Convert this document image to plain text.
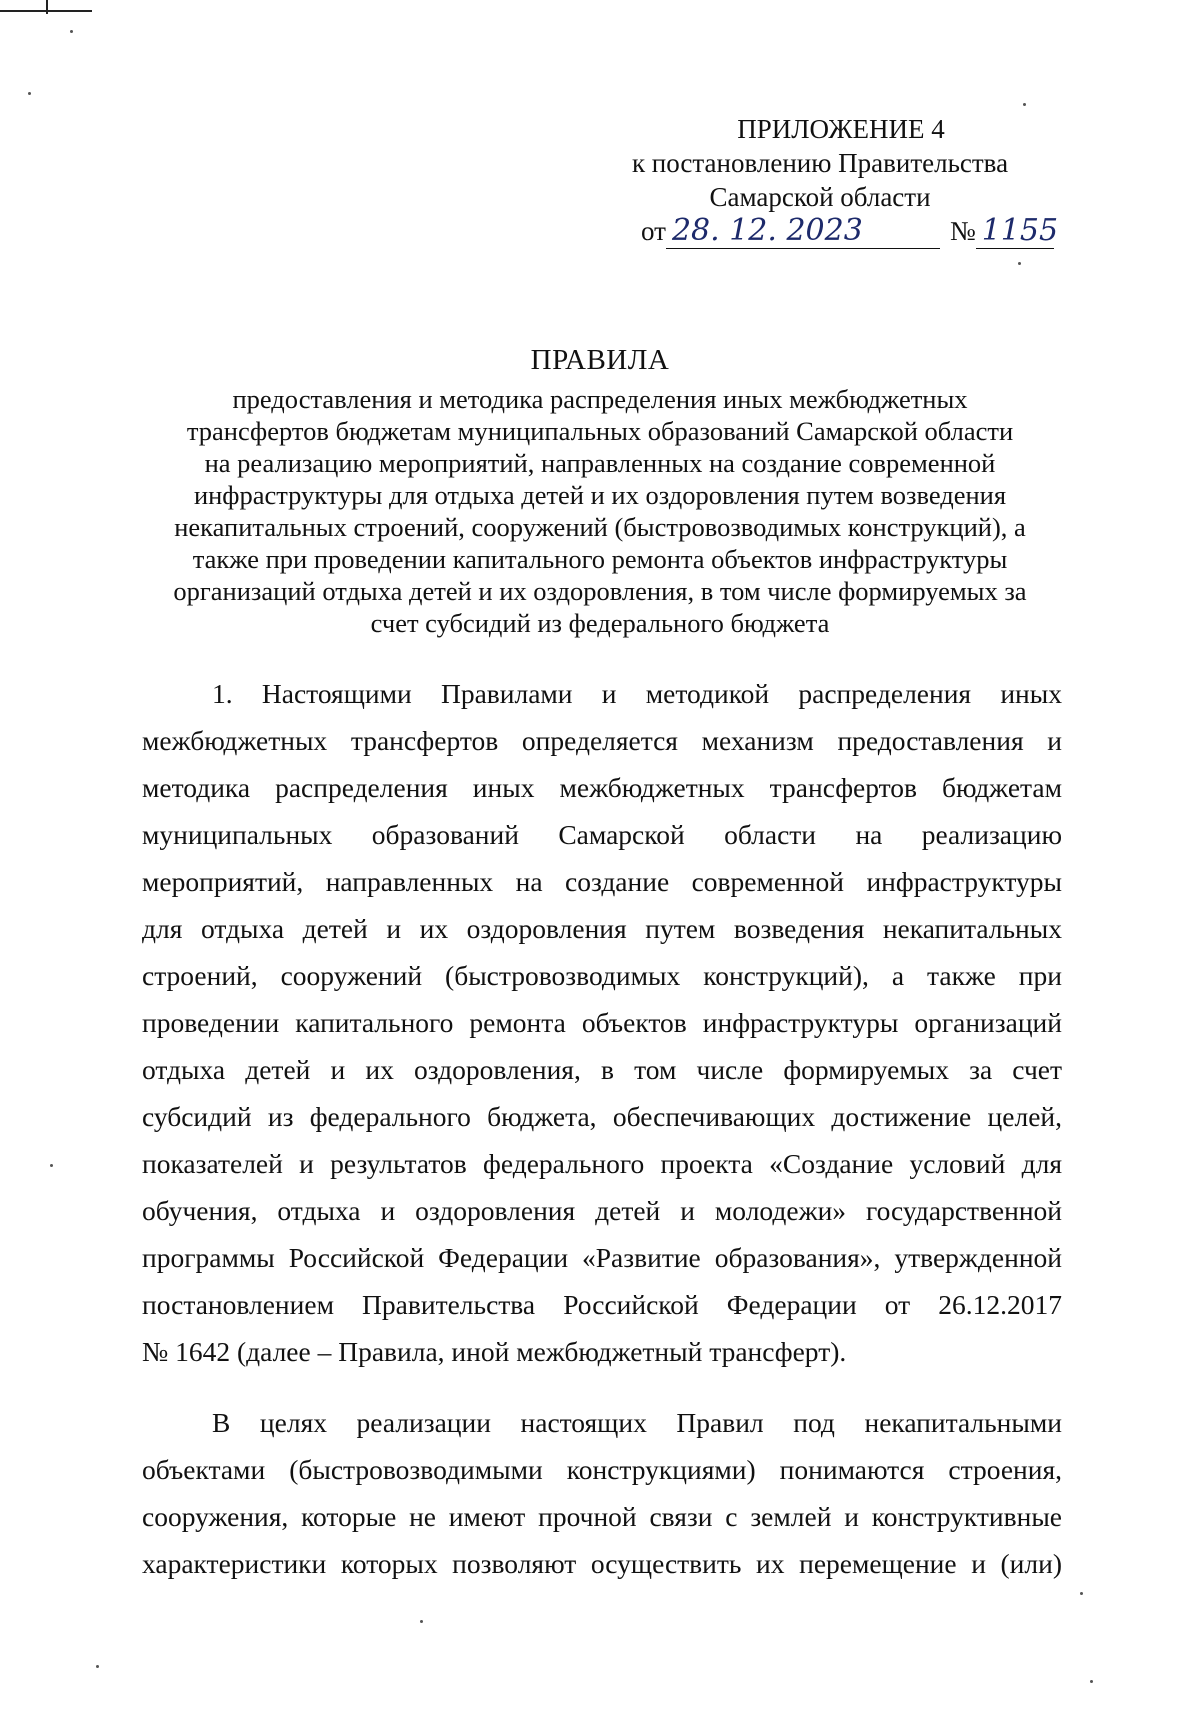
ПРИЛОЖЕНИЕ 4
к постановлению Правительства
Самарской области
от 28. 12. 2023	№ 1155
ПРАВИЛА
предоставления и методика распределения иных межбюджетных
трансфертов бюджетам муниципальных образований Самарской области
на реализацию мероприятий, направленных на создание современной
инфраструктуры для отдыха детей и их оздоровления путем возведения
некапитальных строений, сооружений (быстровозводимых конструкций), а
также при проведении капитального ремонта объектов инфраструктуры
организаций отдыха детей и их оздоровления, в том числе формируемых за
счет субсидий из федерального бюджета
1. Настоящими Правилами и методикой распределения иных
межбюджетных трансфертов определяется механизм предоставления и
методика распределения иных межбюджетных трансфертов бюджетам
муниципальных образований Самарской области на реализацию
мероприятий, направленных на создание современной инфраструктуры
для отдыха детей и их оздоровления путем возведения некапитальных
строений, сооружений (быстровозводимых конструкций), а также при
проведении капитального ремонта объектов инфраструктуры организаций
отдыха детей и их оздоровления, в том числе формируемых за счет
субсидий из федерального бюджета, обеспечивающих достижение целей,
показателей и результатов федерального проекта «Создание условий для
обучения, отдыха и оздоровления детей и молодежи» государственной
программы Российской Федерации «Развитие образования», утвержденной
постановлением Правительства Российской Федерации от 26.12.2017
№ 1642 (далее – Правила, иной межбюджетный трансферт).
В целях реализации настоящих Правил под некапитальными
объектами (быстровозводимыми конструкциями) понимаются строения,
сооружения, которые не имеют прочной связи с землей и конструктивные
характеристики которых позволяют осуществить их перемещение и (или)
